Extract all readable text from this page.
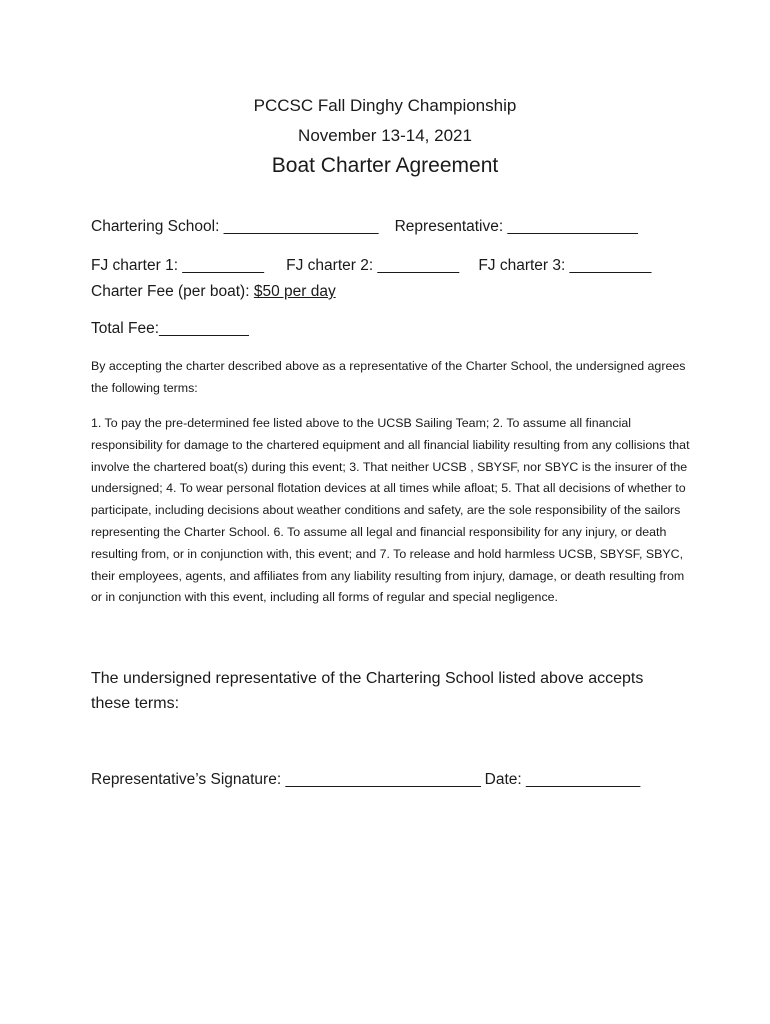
PCCSC Fall Dinghy Championship
November 13-14, 2021
Boat Charter Agreement
Chartering School: ___________________ Representative: ________________
FJ charter 1: __________ FJ charter 2: __________ FJ charter 3: __________
Charter Fee (per boat): $50 per day
Total Fee:___________
By accepting the charter described above as a representative of the Charter School, the undersigned agrees the following terms:
1. To pay the pre-determined fee listed above to the UCSB Sailing Team; 2. To assume all financial responsibility for damage to the chartered equipment and all financial liability resulting from any collisions that involve the chartered boat(s) during this event; 3. That neither UCSB , SBYSF, nor SBYC is the insurer of the undersigned; 4. To wear personal flotation devices at all times while afloat; 5. That all decisions of whether to participate, including decisions about weather conditions and safety, are the sole responsibility of the sailors representing the Charter School. 6. To assume all legal and financial responsibility for any injury, or death resulting from, or in conjunction with, this event; and 7. To release and hold harmless UCSB, SBYSF, SBYC, their employees, agents, and affiliates from any liability resulting from injury, damage, or death resulting from or in conjunction with this event, including all forms of regular and special negligence.
The undersigned representative of the Chartering School listed above accepts these terms:
Representative’s Signature: ________________________ Date: ______________
